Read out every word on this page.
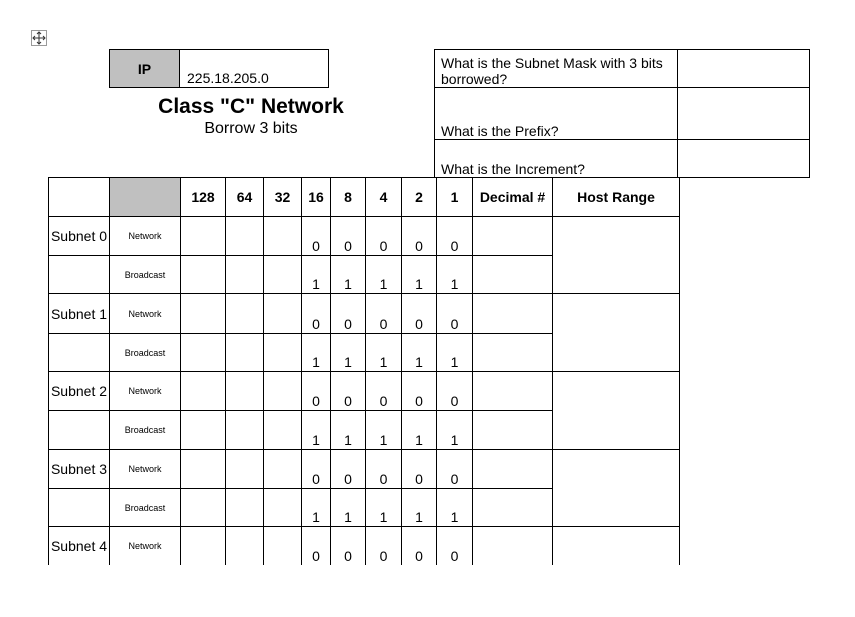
IP
225.18.205.0
Class "C" Network
Borrow 3 bits
What is the Subnet Mask with 3 bits borrowed?
What is the Prefix?
What is the Increment?
		128	64	32	16	8	4	2	1	Decimal #	Host Range
Subnet 0	Network				0	0	0	0	0		
	Broadcast				1	1	1	1	1		
Subnet 1	Network				0	0	0	0	0		
	Broadcast				1	1	1	1	1		
Subnet 2	Network				0	0	0	0	0		
	Broadcast				1	1	1	1	1		
Subnet 3	Network				0	0	0	0	0		
	Broadcast				1	1	1	1	1		
Subnet 4	Network				0	0	0	0	0		
